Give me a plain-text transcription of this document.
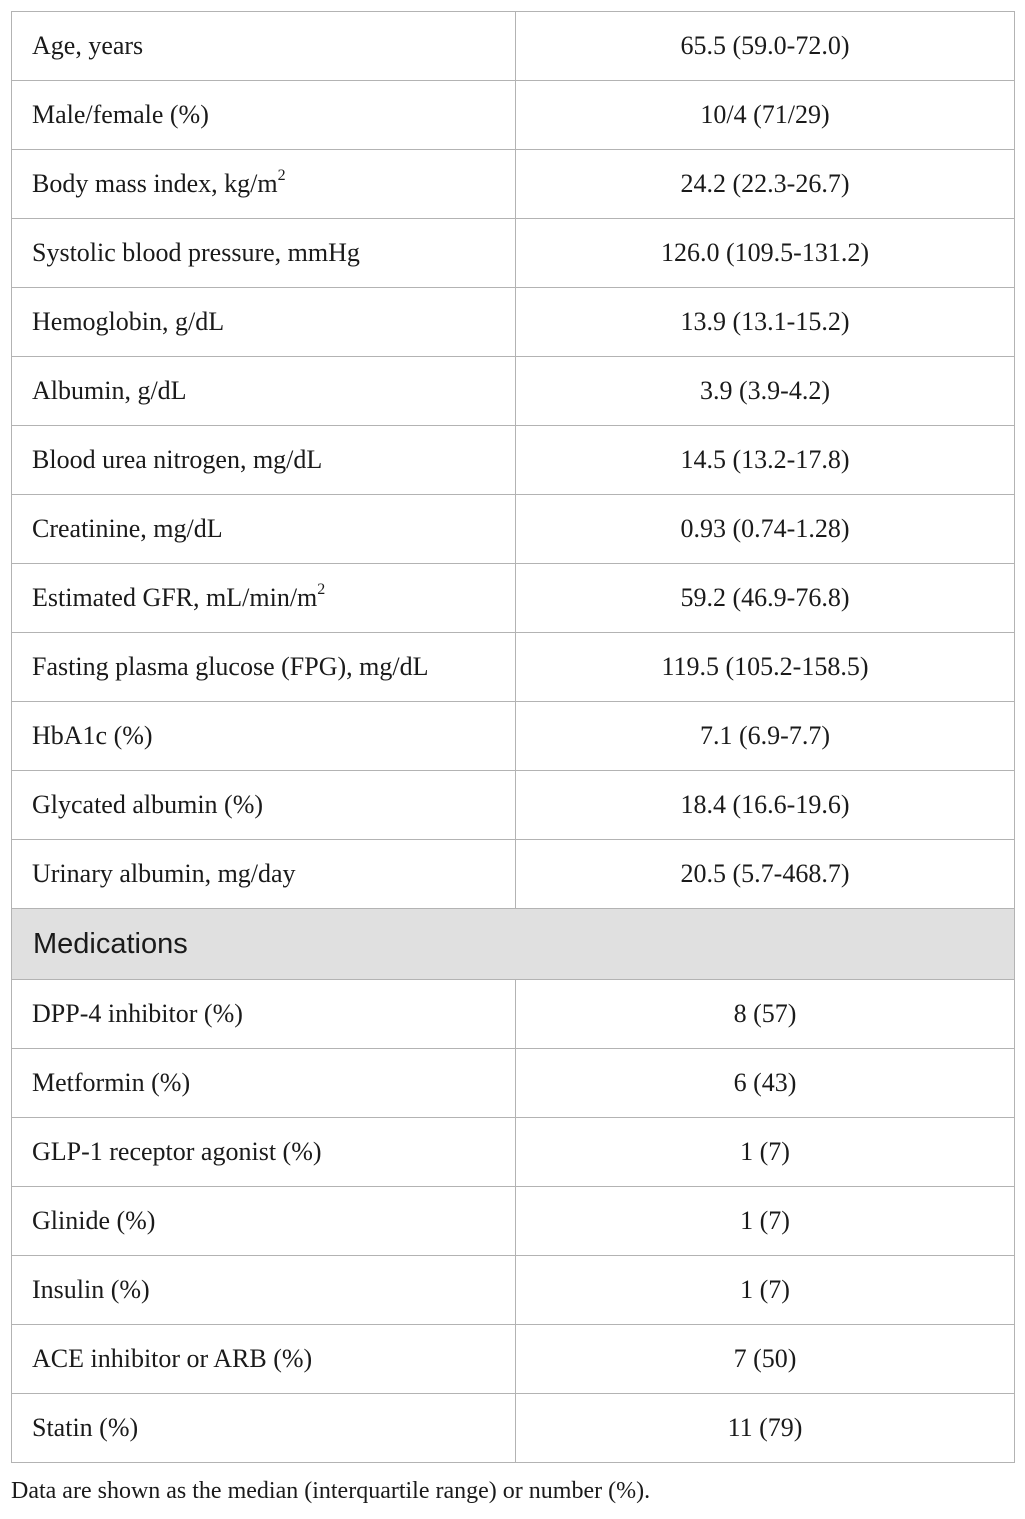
Age, years	65.5 (59.0-72.0)
Male/female (%)	10/4 (71/29)
Body mass index, $kg/m^2$	24.2 (22.3-26.7)
Systolic blood pressure, mmHg	126.0 (109.5-131.2)
Hemoglobin, g/dL	13.9 (13.1-15.2)
Albumin, g/dL	3.9 (3.9-4.2)
Blood urea nitrogen, mg/dL	14.5 (13.2-17.8)
Creatinine, mg/dL	0.93 (0.74-1.28)
Estimated GFR, $mL/\min/m^2$	59.2 (46.9-76.8)
Fasting plasma glucose (FPG), mg/dL	119.5 (105.2-158.5)
HbA1c (%)	7.1 (6.9-7.7)
Glycated albumin (%)	18.4 (16.6-19.6)
Urinary albumin, mg/day	20.5 (5.7-468.7)
Medications	
DPP-4 inhibitor (%)	8 (57)
Metformin (%)	6 (43)
GLP-1 receptor agonist (%)	1 (7)
Glinide (%)	1 (7)
Insulin (%)	1 (7)
ACE inhibitor or ARB (%)	7 (50)
Statin (%)	11 (79)
Data are shown as the median (interquartile range) or number (%).
